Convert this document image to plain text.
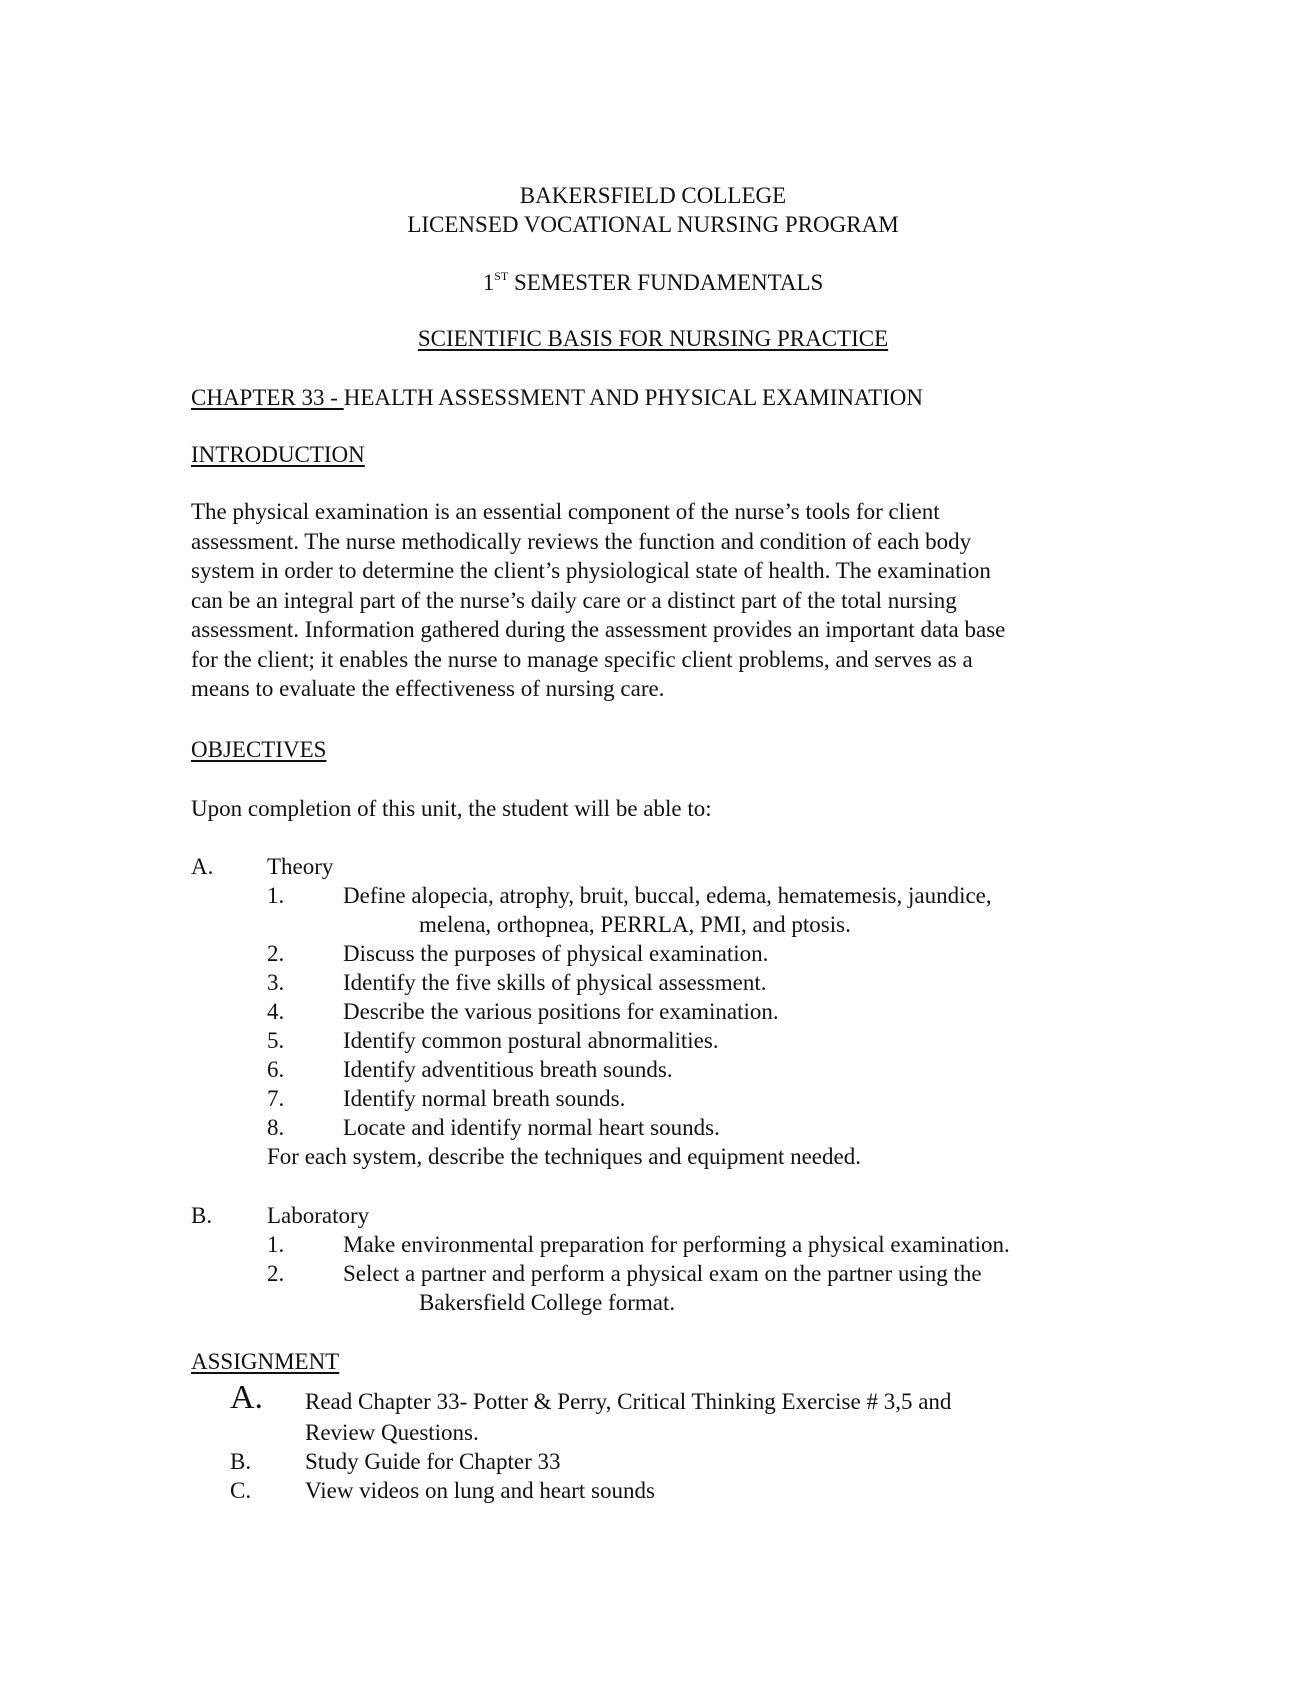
BAKERSFIELD COLLEGE

LICENSED VOCATIONAL NURSING PROGRAM

1ST SEMESTER FUNDAMENTALS

SCIENTIFIC BASIS FOR NURSING PRACTICE

CHAPTER 33 - HEALTH ASSESSMENT AND PHYSICAL EXAMINATION

INTRODUCTION

The physical examination is an essential component of the nurse’s tools for client
assessment. The nurse methodically reviews the function and condition of each body
system in order to determine the client’s physiological state of health. The examination
can be an integral part of the nurse’s daily care or a distinct part of the total nursing
assessment. Information gathered during the assessment provides an important data base
for the client; it enables the nurse to manage specific client problems, and serves as a
means to evaluate the effectiveness of nursing care.

OBJECTIVES

Upon completion of this unit, the student will be able to:

A. Theory

1.	Define alopecia, atrophy, bruit, buccal, edema, hematemesis, jaundice,

melena, orthopnea, PERRLA, PMI, and ptosis.

2.	Discuss the purposes of physical examination.

3.	Identify the five skills of physical assessment.

4.	Describe the various positions for examination.

5.	Identify common postural abnormalities.

6.	Identify adventitious breath sounds.

7.	Identify normal breath sounds.

8.	Locate and identify normal heart sounds.

For each system, describe the techniques and equipment needed.

B. Laboratory

1.	Make environmental preparation for performing a physical examination.

2.	Select a partner and perform a physical exam on the partner using the

Bakersfield College format.

ASSIGNMENT

A. Read Chapter 33- Potter & Perry, Critical Thinking Exercise # 3,5 and

Review Questions.

B. Study Guide for Chapter 33

C. View videos on lung and heart sounds
